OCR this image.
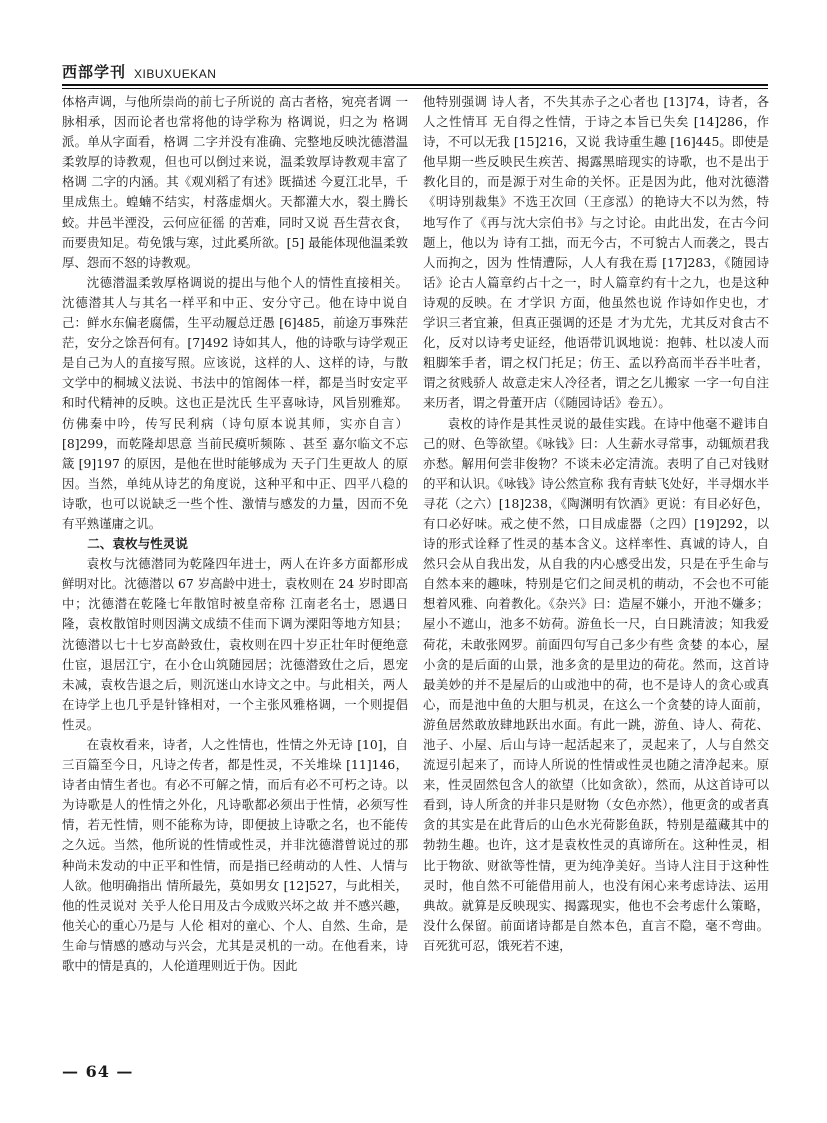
西部学刊 XIBUXUEKAN

体格声调，与他所崇尚的前七子所说的 高古者格，宛亮者调 一脉相承，因而论者也常将他的诗学称为 格调说，归之为 格调派。单从字面看，格调 二字并没有准确、完整地反映沈德潜温柔敦厚的诗教观，但也可以倒过来说，温柔敦厚诗教观丰富了 格调 二字的内涵。其《观刈稻了有述》既描述 今夏江北旱，千里成焦土。蝗蝻不结实，村落虚烟火。天都灌大水，裂土腾长蛟。井邑半湮没，云何应征徭 的苦难，同时又说 吾生营衣食，而要贵知足。苟免饿与寒，过此奚所欲。[5] 最能体现他温柔敦厚、怨而不怒的诗教观。

沈德潜温柔敦厚格调说的提出与他个人的情性直接相关。沈德潜其人与其名一样平和中正、安分守己。他在诗中说自己：鲜水东偏老腐儒，生平动履总迂愚 [6]485，前途万事殊茫茫，安分之馀吾何有。[7]492 诗如其人，他的诗歌与诗学观正是自己为人的直接写照。应该说，这样的人、这样的诗，与散文学中的桐城义法说、书法中的馆阁体一样，都是当时安定平和时代精神的反映。这也正是沈氏 生平喜咏诗，风旨别雅郑。仿佛秦中吟，传写民利病（诗句原本说其师，实亦自言）[8]299，而乾隆却思意 当前民瘼听频陈 、甚至 嘉尔临文不忘箴 [9]197 的原因，是他在世时能够成为 天子门生更故人 的原因。当然，单纯从诗艺的角度说，这种平和中正、四平八稳的诗歌，也可以说缺乏一些个性、激情与感发的力量，因而不免有平熟谨庸之讥。

二、袁枚与性灵说

袁枚与沈德潜同为乾隆四年进士，两人在许多方面都形成鲜明对比。沈德潜以 67 岁高龄中进士，袁枚则在 24 岁时即高中；沈德潜在乾隆七年散馆时被皇帝称 江南老名士，恩遇日隆，袁枚散馆时则因满文成绩不佳而下调为溧阳等地方知县；沈德潜以七十七岁高龄致仕，袁枚则在四十岁正壮年时便绝意仕宦，退居江宁，在小仓山筑随园居；沈德潜致仕之后，恩宠未减，袁枚告退之后，则沉迷山水诗文之中。与此相关，两人在诗学上也几乎是针锋相对，一个主张风雅格调，一个则提倡性灵。

在袁枚看来，诗者，人之性情也，性情之外无诗 [10]，自三百篇至今日，凡诗之传者，都是性灵，不关堆垛 [11]146，诗者由情生者也。有必不可解之情，而后有必不可朽之诗。以为诗歌是人的性情之外化，凡诗歌都必须出于性情，必须写性情，若无性情，则不能称为诗，即便披上诗歌之名，也不能传之久远。当然，他所说的性情或性灵，并非沈德潜曾说过的那种尚未发动的中正平和性情，而是指已经萌动的人性、人情与人欲。他明确指出 情所最先，莫如男女 [12]527，与此相关，他的性灵说对 关乎人伦日用及古今成败兴坏之故 并不感兴趣，他关心的重心乃是与 人伦 相对的童心、个人、自然、生命，是生命与情感的感动与兴会，尤其是灵机的一动。在他看来，诗歌中的情是真的，人伦道理则近于伪。因此

他特别强调 诗人者，不失其赤子之心者也 [13]74，诗者，各人之性情耳 无自得之性情，于诗之本旨已失矣 [14]286，作诗，不可以无我 [15]216，又说 我诗重生趣 [16]445。即使是他早期一些反映民生疾苦、揭露黑暗现实的诗歌，也不是出于教化目的，而是源于对生命的关怀。正是因为此，他对沈德潜《明诗别裁集》不选王次回（王彦泓）的艳诗大不以为然，特地写作了《再与沈大宗伯书》与之讨论。由此出发，在古今问题上，他以为 诗有工拙，而无今古，不可貌古人而袭之，畏古人而拘之，因为 性情遭际，人人有我在焉 [17]283，《随园诗话》论古人篇章约占十之一，时人篇章约有十之九，也是这种诗观的反映。在 才学识 方面，他虽然也说 作诗如作史也，才学识三者宜兼，但真正强调的还是 才为尤先，尤其反对食古不化，反对以诗考史证经，他语带讥讽地说：抱韩、杜以凌人而粗脚笨手者，谓之权门托足；仿王、孟以矜高而半吞半吐者，谓之贫贱骄人 故意走宋人冷径者，谓之乞儿搬家 一字一句自注来历者，谓之骨董开店（《随园诗话》卷五）。

袁枚的诗作是其性灵说的最佳实践。在诗中他毫不避讳自己的财、色等欲望。《咏钱》曰：人生薪水寻常事，动辄烦君我亦愁。解用何尝非俊物？不谈未必定清流。表明了自己对钱财的平和认识。《咏钱》诗公然宣称 我有青蚨飞处好，半寻烟水半寻花（之六）[18]238，《陶渊明有饮酒》更说：有目必好色，有口必好味。戒之使不然，口目成虚器（之四）[19]292，以诗的形式诠释了性灵的基本含义。这样率性、真诚的诗人，自然只会从自我出发，从自我的内心感受出发，只是在乎生命与自然本来的趣味，特别是它们之间灵机的萌动，不会也不可能想着风雅、向着教化。《杂兴》曰：造屋不嫌小，开池不嫌多；屋小不遮山，池多不妨荷。游鱼长一尺，白日跳清波；知我爱荷花，未敢张网罗。前面四句写自己多少有些 贪婪 的本心，屋小贪的是后面的山景，池多贪的是里边的荷花。然而，这首诗最美妙的并不是屋后的山或池中的荷，也不是诗人的贪心或真心，而是池中鱼的大胆与机灵，在这么一个贪婪的诗人面前，游鱼居然敢放肆地跃出水面。有此一跳，游鱼、诗人、荷花、池子、小屋、后山与诗一起活起来了，灵起来了，人与自然交流逗引起来了，而诗人所说的性情或性灵也随之清净起来。原来，性灵固然包含人的欲望（比如贪欲），然而，从这首诗可以看到，诗人所贪的并非只是财物（女色亦然），他更贪的或者真贪的其实是在此背后的山色水光荷影鱼跃，特别是蕴藏其中的勃勃生趣。也许，这才是袁枚性灵的真谛所在。这种性灵，相比于物欲、财欲等性情，更为纯净美好。当诗人注目于这种性灵时，他自然不可能借用前人，也没有闲心来考虑诗法、运用典故。就算是反映现实、揭露现实，他也不会考虑什么策略，没什么保留。前面诸诗都是自然本色，直言不隐，毫不弯曲。百死犹可忍，饿死若不速，

— 64 —
